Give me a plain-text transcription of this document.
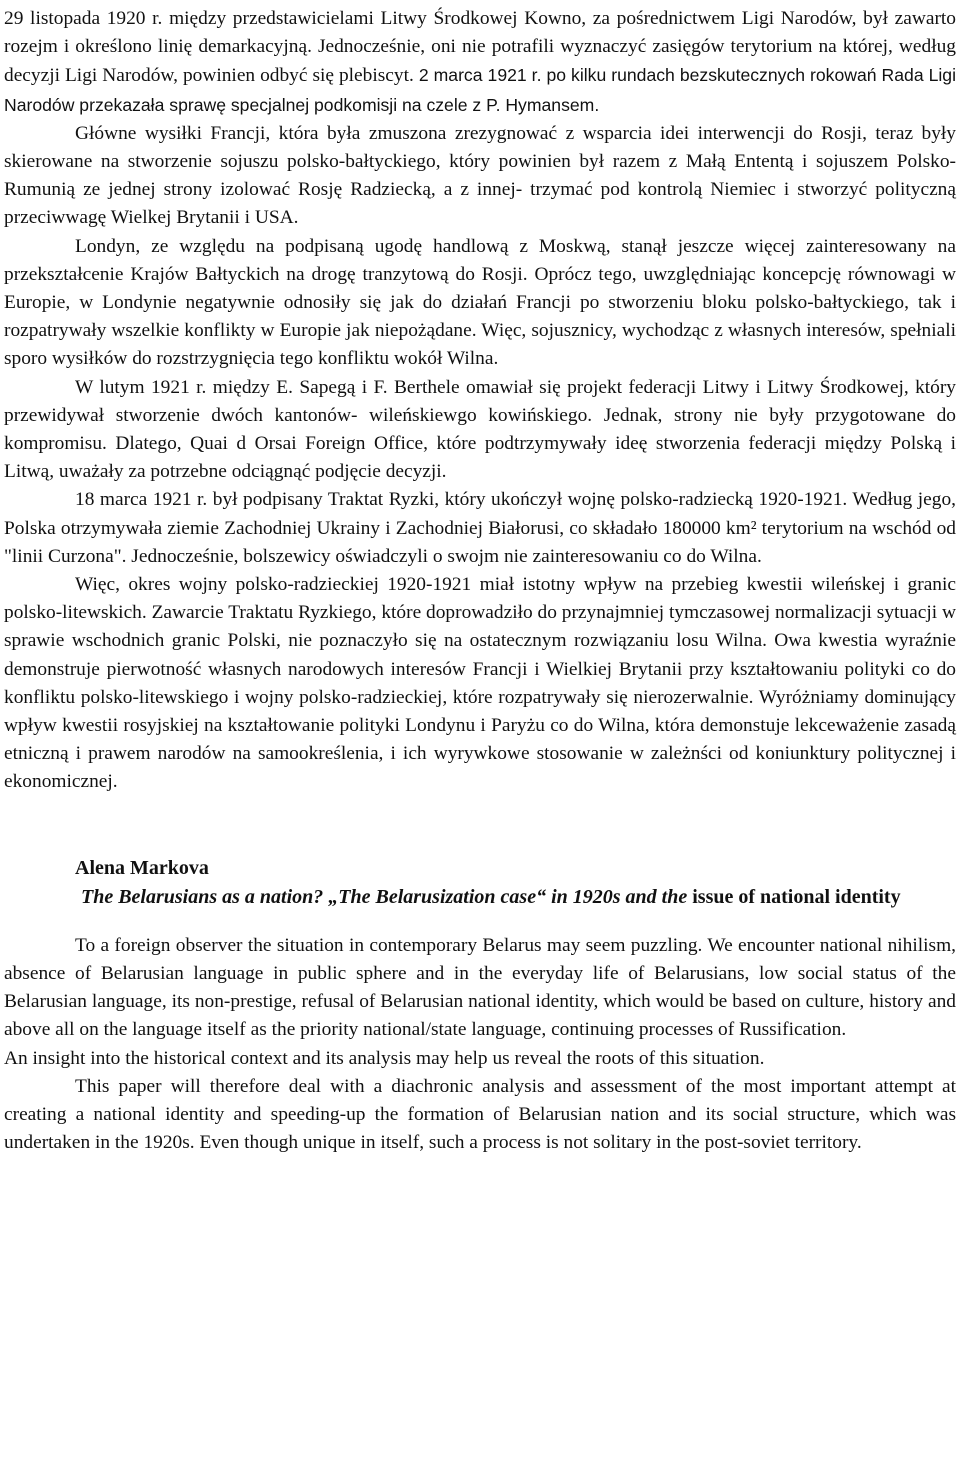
29 listopada 1920 r. między przedstawicielami Litwy Środkowej Kowno, za pośrednictwem Ligi Narodów, był zawarto rozejm i określono linię demarkacyjną. Jednocześnie, oni nie potrafili wyznaczyć zasięgów terytorium na której, według decyzji Ligi Narodów, powinien odbyć się plebiscyt. 2 marca 1921 r. po kilku rundach bezskutecznych rokowań Rada Ligi Narodów przekazała sprawę specjalnej podkomisji na czele z P. Hymansem.

Główne wysiłki Francji, która była zmuszona zrezygnować z wsparcia idei interwencji do Rosji, teraz były skierowane na stworzenie sojuszu polsko-bałtyckiego, który powinien był razem z Małą Ententą i sojuszem Polsko-Rumunią ze jednej strony izolować Rosję Radziecką, a z innej- trzymać pod kontrolą Niemiec i stworzyć polityczną przeciwwagę Wielkej Brytanii i USA.

Londyn, ze względu na podpisaną ugodę handlową z Moskwą, stanął jeszcze więcej zainteresowany na przekształcenie Krajów Bałtyckich na drogę tranzytową do Rosji. Oprócz tego, uwzględniając koncepcję równowagi w Europie, w Londynie negatywnie odnosiły się jak do działań Francji po stworzeniu bloku polsko-bałtyckiego, tak i rozpatrywały wszelkie konflikty w Europie jak niepożądane. Więc, sojusznicy, wychodząc z własnych interesów, spełniali sporo wysiłków do rozstrzygnięcia tego konfliktu wokół Wilna.

W lutym 1921 r. między E. Sapegą i F. Berthele omawiał się projekt federacji Litwy i Litwy Środkowej, który przewidywał stworzenie dwóch kantonów- wileńskiewgo kowińskiego. Jednak, strony nie były przygotowane do kompromisu. Dlatego, Quai d Orsai Foreign Office, które podtrzymywały ideę stworzenia federacji między Polską i Litwą, uważały za potrzebne odciągnąć podjęcie decyzji.

18 marca 1921 r. był podpisany Traktat Ryzki, który ukończył wojnę polsko-radziecką 1920-1921. Według jego, Polska otrzymywała ziemie Zachodniej Ukrainy i Zachodniej Białorusi, co składało 180000 km² terytorium na wschód od "linii Curzona". Jednocześnie, bolszewicy oświadczyli o swojm nie zainteresowaniu co do Wilna.

Więc, okres wojny polsko-radzieckiej 1920-1921 miał istotny wpływ na przebieg kwestii wileńskej i granic polsko-litewskich. Zawarcie Traktatu Ryzkiego, które doprowadziło do przynajmniej tymczasowej normalizacji sytuacji w sprawie wschodnich granic Polski, nie poznaczyło się na ostatecznym rozwiązaniu losu Wilna. Owa kwestia wyraźnie demonstruje pierwotność własnych narodowych interesów Francji i Wielkiej Brytanii przy kształtowaniu polityki co do konfliktu polsko-litewskiego i wojny polsko-radzieckiej, które rozpatrywały się nierozerwalnie. Wyróżniamy dominujący wpływ kwestii rosyjskiej na kształtowanie polityki Londynu i Paryżu co do Wilna, która demonstuje lekceważenie zasadą etniczną i prawem narodów na samookreślenia, i ich wyrywkowe stosowanie w zależnści od koniunktury politycznej i ekonomicznej.

Alena Markova

The Belarusians as a nation? „The Belarusization case“ in 1920s and the issue of national identity

To a foreign observer the situation in contemporary Belarus may seem puzzling. We encounter national nihilism, absence of Belarusian language in public sphere and in the everyday life of Belarusians, low social status of the Belarusian language, its non-prestige, refusal of Belarusian national identity, which would be based on culture, history and above all on the language itself as the priority national/state language, continuing processes of Russification.

An insight into the historical context and its analysis may help us reveal the roots of this situation.

This paper will therefore deal with a diachronic analysis and assessment of the most important attempt at creating a national identity and speeding-up the formation of Belarusian nation and its social structure, which was undertaken in the 1920s. Even though unique in itself, such a process is not solitary in the post-soviet territory.
